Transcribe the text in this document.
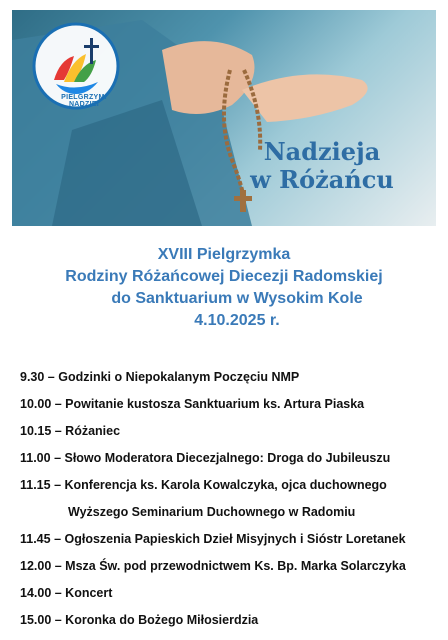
PIELGRZYMI NADZIEI
Nadzieja
w Różańcu
XVIII Pielgrzymka
Rodziny Różańcowej Diecezji Radomskiej
do Sanktuarium w Wysokim Kole
4.10.2025 r.
9.30 – Godzinki o Niepokalanym Poczęciu NMP
10.00 – Powitanie kustosza Sanktuarium ks. Artura Piaska
10.15 – Różaniec
11.00 – Słowo Moderatora Diecezjalnego: Droga do Jubileuszu
11.15 – Konferencja ks. Karola Kowalczyka, ojca duchownego
Wyższego Seminarium Duchownego w Radomiu
11.45 – Ogłoszenia Papieskich Dzieł Misyjnych i Sióstr Loretanek
12.00 – Msza Św. pod przewodnictwem Ks. Bp. Marka Solarczyka
14.00 – Koncert
15.00 – Koronka do Bożego Miłosierdzia
